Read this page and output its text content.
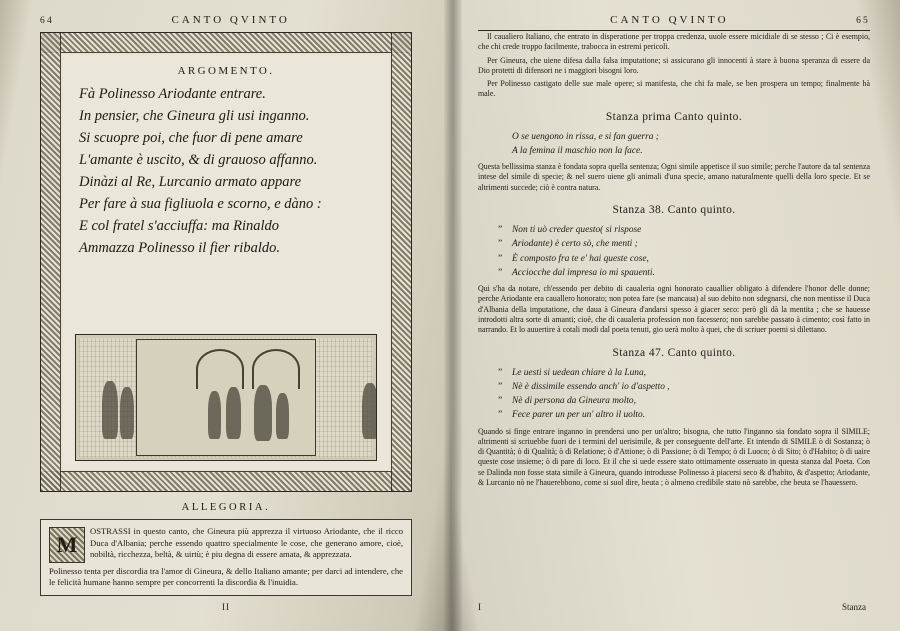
64	CANTO QVINTO

ARGOMENTO.
Fà Polinesso Ariodante entrare.
In pensier, che Gineura gli usi inganno.
Si scuopre poi, che fuor di pene amare
L'amante è uscito, & di grauoso affanno.
Dinàzi al Re, Lurcanio armato appare
Per fare à sua figliuola e scorno, e dàno :
E col fratel s'acciuffa: ma Rinaldo
Ammazza Polinesso il fier ribaldo.
ALLEGORIA.
M
OSTRASSI in questo canto, che Gineura più apprezza il virtuoso Ariodante, che il ricco Duca d'Albania; perche essendo quattro specialmente le cose, che generano amore, cioè, nobiltà, ricchezza, beltà, & uirtù; è piu degna di essere amata, & apprezzata.
Polinesso tenta per discordia tra l'amor di Gineura, & dello Italiano amante; per darci ad intendere, che le felicità humane hanno sempre per concorrenti la discordia & l'inuidia.
II

CANTO QVINTO	65

Il caualiero Italiano, che entrato in disperatione per troppa credenza, uuole essere micidiale di se stesso ; Ci è esempio, che chi crede troppo facilmente, trabocca in estremi pericoli.

Per Gineura, che uiene difesa dalla falsa imputatione; si assicurano gli innocenti à stare à buona speranza di essere da Dio protetti di difensori ne i maggiori bisogni loro.

Per Polinesso castigato delle sue male opere; si manifesta, che chi fa male, se ben prospera un tempo; finalmente hà male.

Stanza prima Canto quinto.
O se uengono in rissa, e si fan guerra ;
A la femina il maschio non la face.

Questa bellissima stanza è fondata sopra quella sentenza; Ogni simile appetisce il suo simile; perche l'autore da tal sentenza intese del simile di specie; & nel suero uiene gli animali d'una specie, amano naturalmente quelli della loro specie. Et se altrimenti succede; ciò è contra natura.

Stanza 38. Canto quinto.
” Non ti uò creder questo( si rispose
” Ariodante) è certo sò, che menti ;
” È composto fra te e' hai queste cose,
” Acciocche dal impresa io mi spauenti.

Qui s'ha da notare, ch'essendo per debito di caualeria ogni honorato cauallier obligato à difendere l'honor delle donne; perche Ariodante era cauallero honorato; non potea fare (se mancaua) al suo debito non sdegnarsi, che non mentisse il Duca d'Albania della imputatione, che daua à Gineura d'andarsi spesso à giacer seco: però gli dà la mentita ; che se hauesse introdotti altra sorte di amanti; cioè, che di caualeria profession non facessero; non sarebbe passato à cimento; così fatto in narrando. Et lo auuertire à cotali modi dal poeta tenuti, gio uerà molto à quei, che di scriuer poemi si dilettano.

Stanza 47. Canto quinto.
” Le uesti si uedean chiare à la Luna,
” Nè è dissimile essendo anch' io d'aspetto ,
” Nè di persona da Gineura molto,
” Fece parer un per un' altro il uolto.

Quando si finge entrare inganno in prendersi uno per un'altro; bisogna, che tutto l'inganno sia fondato sopra il SIMILE; altrimenti si scriuebbe fuori de i termini del uerisimile, & per conseguente dell'arte. Et intendo di SIMILE ò di Sostanza; ò di Quantità; ò di Qualità; ò di Relatione; ò d'Attione; ò di Passione; ò di Tempo; ò di Luoco; ò di Sito; ò d'Habito; ò di uaire queste cose insieme; ò di pare di loco. Et il che si uede essere stato ottimamente osseruato in questa stanza dal Poeta. Con se Dalinda non fosse stata simile à Gineura, quando introdusse Polinesso à piacersi seco & d'habito, & d'aspetto; Ariodante, & Lurcanio nò ne l'hauerebbono, come si suol dire, beuta ; ò almeno credibile stato nò sarebbe, che beuta se l'hauessero.

I	Stanza
